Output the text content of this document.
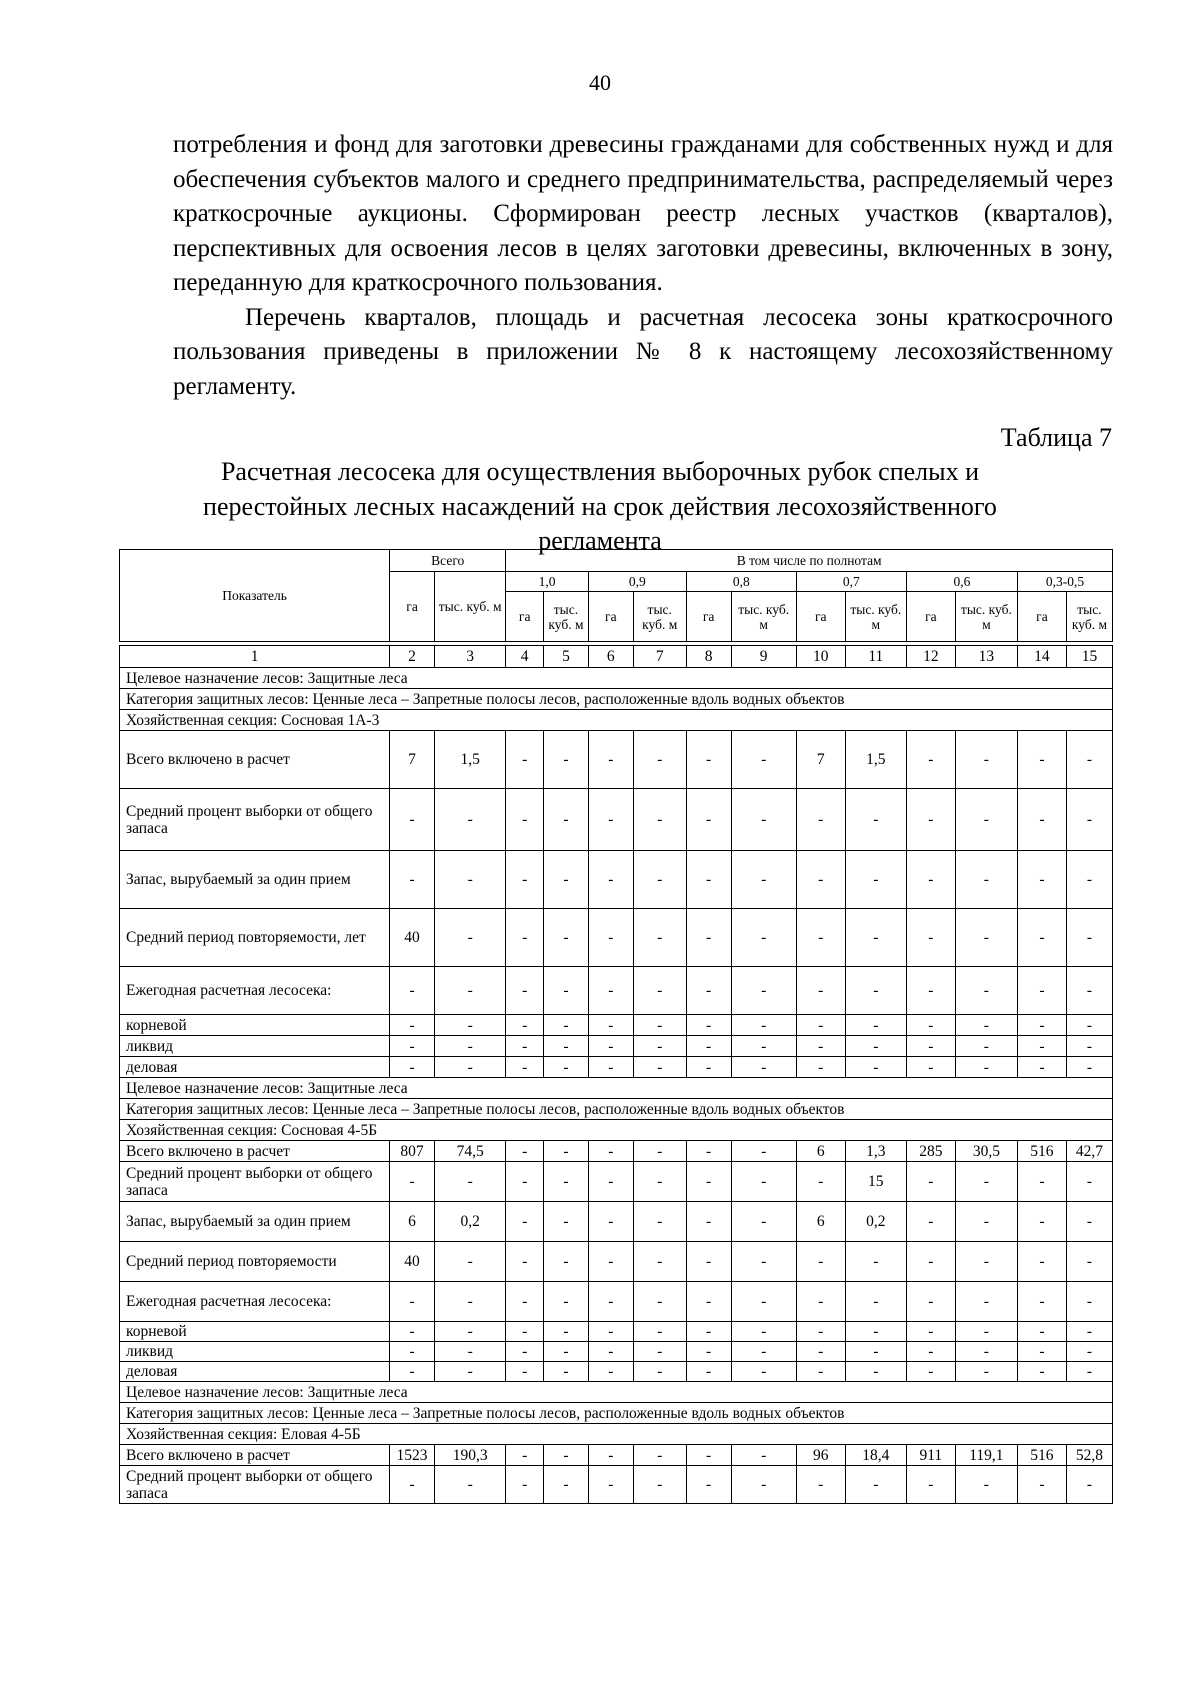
40

потребления и фонд для заготовки древесины гражданами для собственных нужд и для обеспечения субъектов малого и среднего предпринимательства, распределяемый через краткосрочные аукционы. Сформирован реестр лесных участков (кварталов), перспективных для освоения лесов в целях заготовки древесины, включенных в зону, переданную для краткосрочного пользования.

Перечень кварталов, площадь и расчетная лесосека зоны краткосрочного пользования приведены в приложении № 8 к настоящему лесохозяйственному регламенту.

Таблица 7
Расчетная лесосека для осуществления выборочных рубок спелых и перестойных лесных насаждений на срок действия лесохозяйственного регламента
Показатель	Всего		В том числе по полнотам											
	га	тыс. куб. м	1,0		0,9		0,8		0,7		0,6		0,3-0,5	
			га	тыс. куб. м	га	тыс. куб. м	га	тыс. куб. м	га	тыс. куб. м	га	тыс. куб. м	га	тыс. куб. м

1	2	3	4	5	6	7	8	9	10	11	12	13	14	15
Целевое назначение лесов: Защитные леса														
Категория защитных лесов: Ценные леса – Запретные полосы лесов, расположенные вдоль водных объектов														
Хозяйственная секция: Сосновая 1А-3														
Всего включено в расчет	7	1,5	-	-	-	-	-	-	7	1,5	-	-	-	-
Средний процент выборки от общего запаса	-	-	-	-	-	-	-	-	-	-	-	-	-	-
Запас, вырубаемый за один прием	-	-	-	-	-	-	-	-	-	-	-	-	-	-
Средний период повторяемости, лет	40	-	-	-	-	-	-	-	-	-	-	-	-	-
Ежегодная расчетная лесосека:	-	-	-	-	-	-	-	-	-	-	-	-	-	-
корневой	-	-	-	-	-	-	-	-	-	-	-	-	-	-
ликвид	-	-	-	-	-	-	-	-	-	-	-	-	-	-
деловая	-	-	-	-	-	-	-	-	-	-	-	-	-	-
Целевое назначение лесов: Защитные леса														
Категория защитных лесов: Ценные леса – Запретные полосы лесов, расположенные вдоль водных объектов														
Хозяйственная секция: Сосновая 4-5Б														
Всего включено в расчет	807	74,5	-	-	-	-	-	-	6	1,3	285	30,5	516	42,7
Средний процент выборки от общего запаса	-	-	-	-	-	-	-	-	-	15	-	-	-	-
Запас, вырубаемый за один прием	6	0,2	-	-	-	-	-	-	6	0,2	-	-	-	-
Средний период повторяемости	40	-	-	-	-	-	-	-	-	-	-	-	-	-
Ежегодная расчетная лесосека:	-	-	-	-	-	-	-	-	-	-	-	-	-	-
корневой	-	-	-	-	-	-	-	-	-	-	-	-	-	-
ликвид	-	-	-	-	-	-	-	-	-	-	-	-	-	-
деловая	-	-	-	-	-	-	-	-	-	-	-	-	-	-
Целевое назначение лесов: Защитные леса														
Категория защитных лесов: Ценные леса – Запретные полосы лесов, расположенные вдоль водных объектов														
Хозяйственная секция: Еловая 4-5Б														
Всего включено в расчет	1523	190,3	-	-	-	-	-	-	96	18,4	911	119,1	516	52,8
Средний процент выборки от общего запаса	-	-	-	-	-	-	-	-	-	-	-	-	-	-
